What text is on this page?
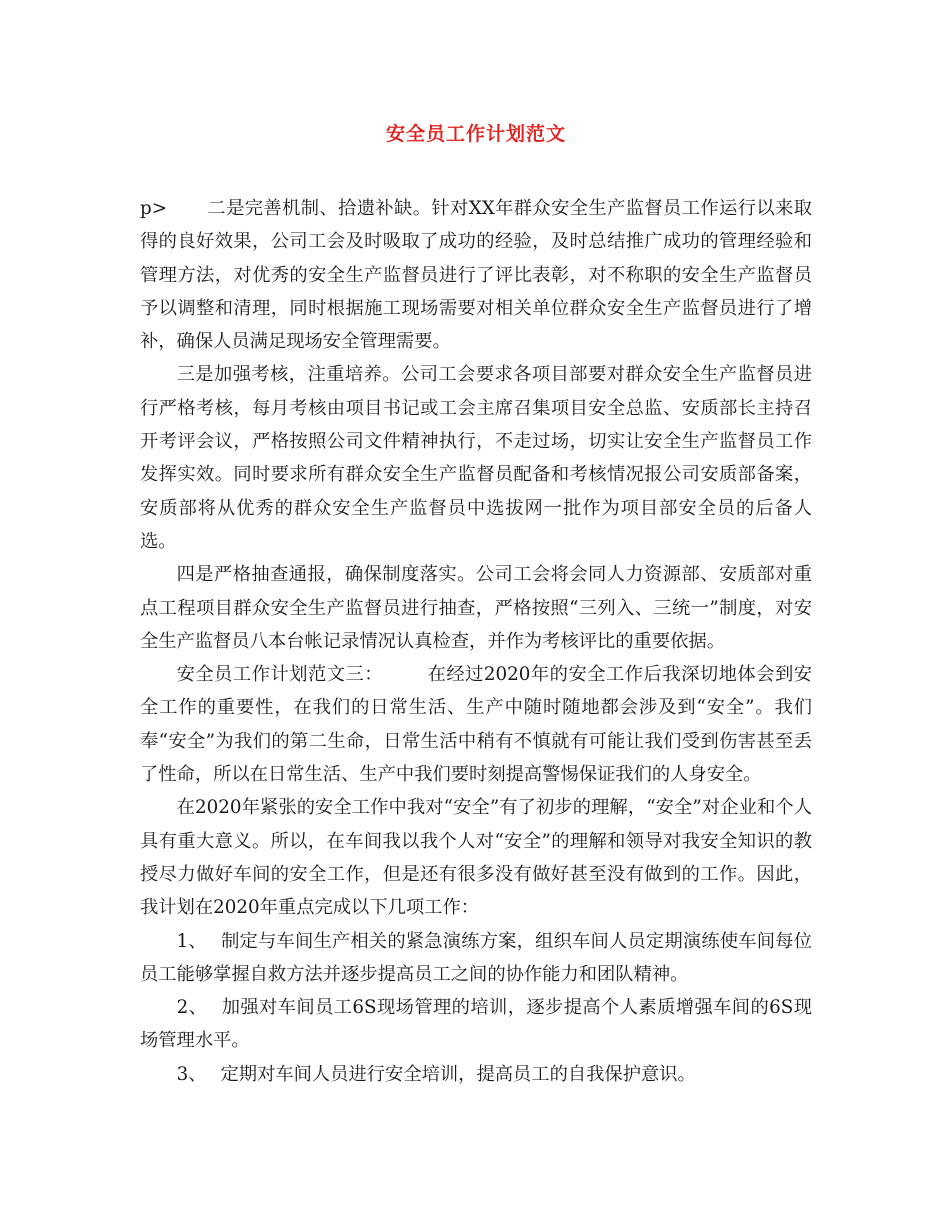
安全员工作计划范文

p> 二是完善机制、拾遗补缺。针对XX年群众安全生产监督员工作运行以来取得的良好效果，公司工会及时吸取了成功的经验，及时总结推广成功的管理经验和管理方法，对优秀的安全生产监督员进行了评比表彰，对不称职的安全生产监督员予以调整和清理，同时根据施工现场需要对相关单位群众安全生产监督员进行了增补，确保人员满足现场安全管理需要。

三是加强考核，注重培养。公司工会要求各项目部要对群众安全生产监督员进行严格考核，每月考核由项目书记或工会主席召集项目安全总监、安质部长主持召开考评会议，严格按照公司文件精神执行，不走过场，切实让安全生产监督员工作发挥实效。同时要求所有群众安全生产监督员配备和考核情况报公司安质部备案，安质部将从优秀的群众安全生产监督员中选拔网一批作为项目部安全员的后备人选。

四是严格抽查通报，确保制度落实。公司工会将会同人力资源部、安质部对重点工程项目群众安全生产监督员进行抽查，严格按照“三列入、三统一”制度，对安全生产监督员八本台帐记录情况认真检查，并作为考核评比的重要依据。

安全员工作计划范文三： 在经过2020年的安全工作后我深切地体会到安全工作的重要性，在我们的日常生活、生产中随时随地都会涉及到“安全”。我们奉“安全”为我们的第二生命，日常生活中稍有不慎就有可能让我们受到伤害甚至丢了性命，所以在日常生活、生产中我们要时刻提高警惕保证我们的人身安全。

在2020年紧张的安全工作中我对“安全”有了初步的理解，“安全”对企业和个人具有重大意义。所以，在车间我以我个人对“安全”的理解和领导对我安全知识的教授尽力做好车间的安全工作，但是还有很多没有做好甚至没有做到的工作。因此，我计划在2020年重点完成以下几项工作：

1、 制定与车间生产相关的紧急演练方案，组织车间人员定期演练使车间每位员工能够掌握自救方法并逐步提高员工之间的协作能力和团队精神。

2、 加强对车间员工6S现场管理的培训，逐步提高个人素质增强车间的6S现场管理水平。

3、 定期对车间人员进行安全培训，提高员工的自我保护意识。
